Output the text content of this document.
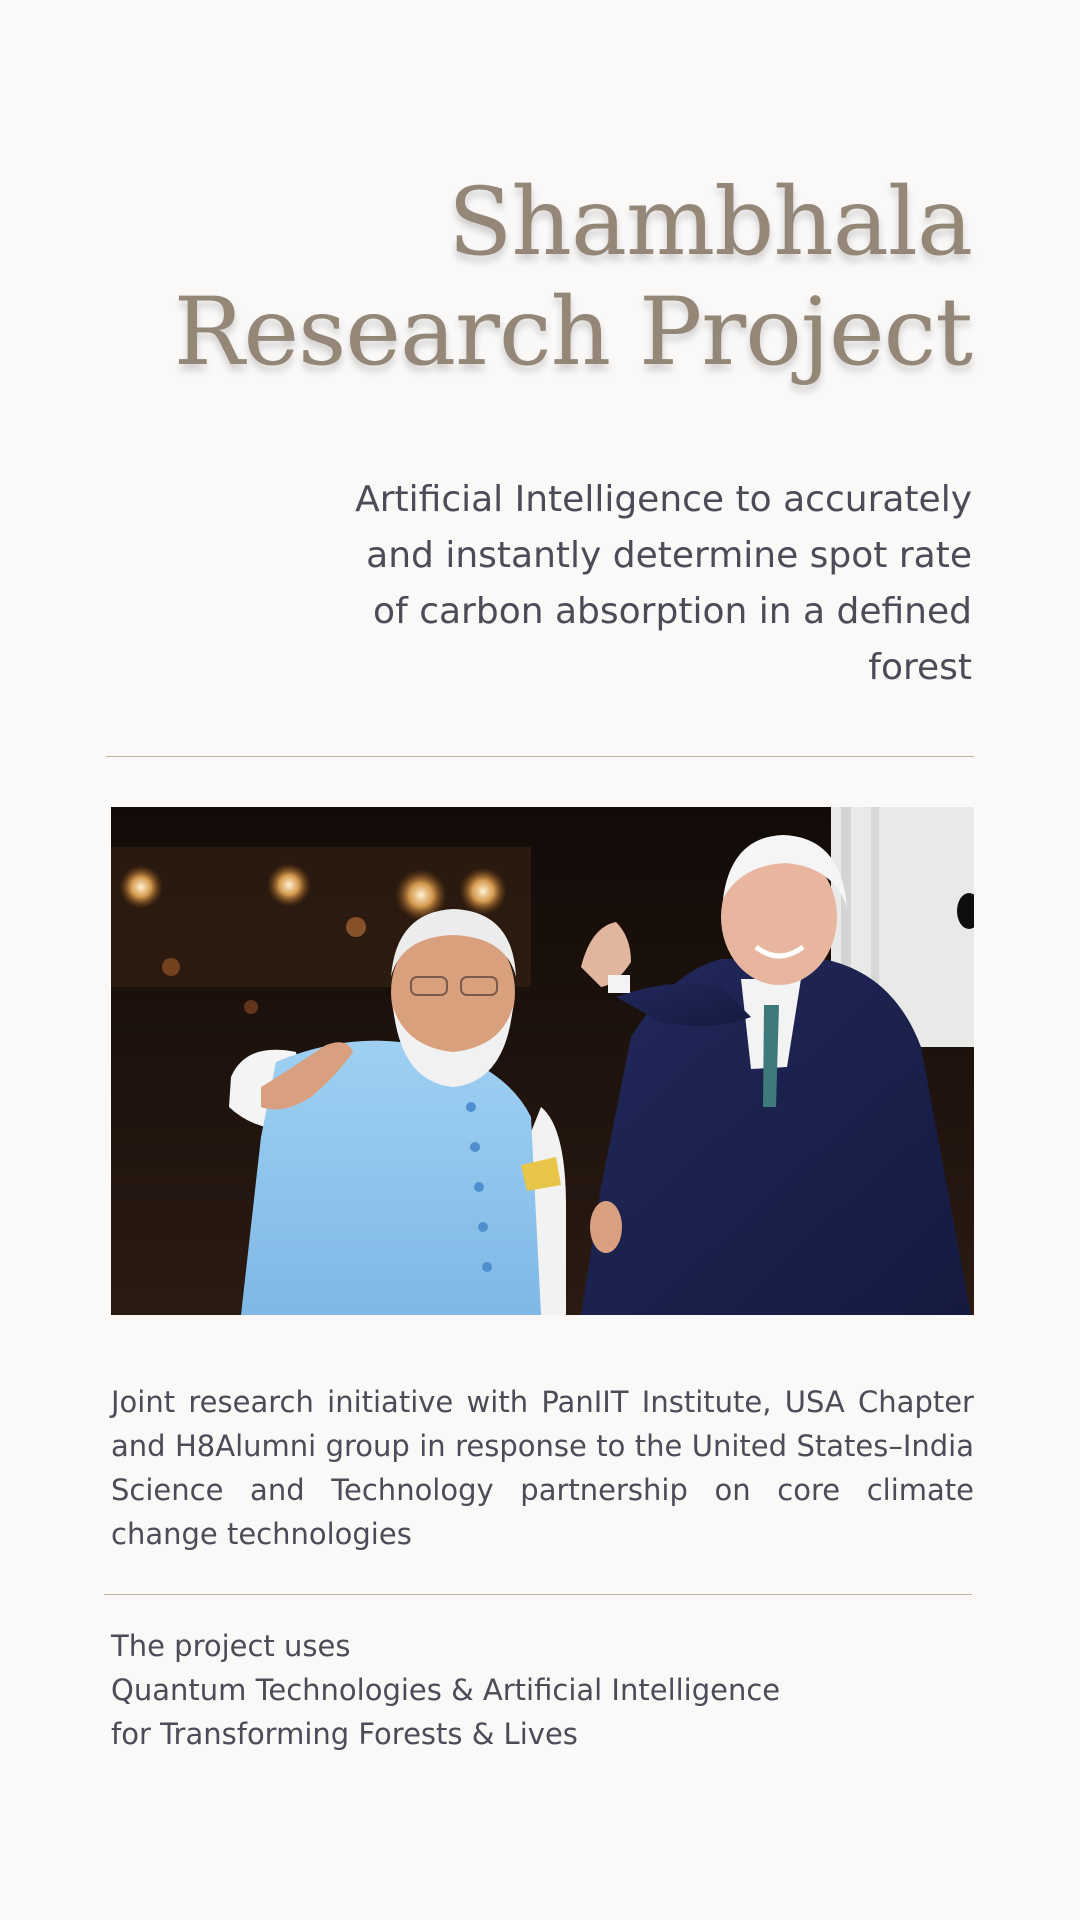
Shambhala
Research Project
Artificial Intelligence to accurately and instantly determine spot rate of carbon absorption in a defined forest
Joint research initiative with PanIIT Institute, USA Chapter and H8Alumni group in response to the United States–India Science and Technology partnership on core climate change technologies
The project uses
Quantum Technologies & Artificial Intelligence
for Transforming Forests & Lives
